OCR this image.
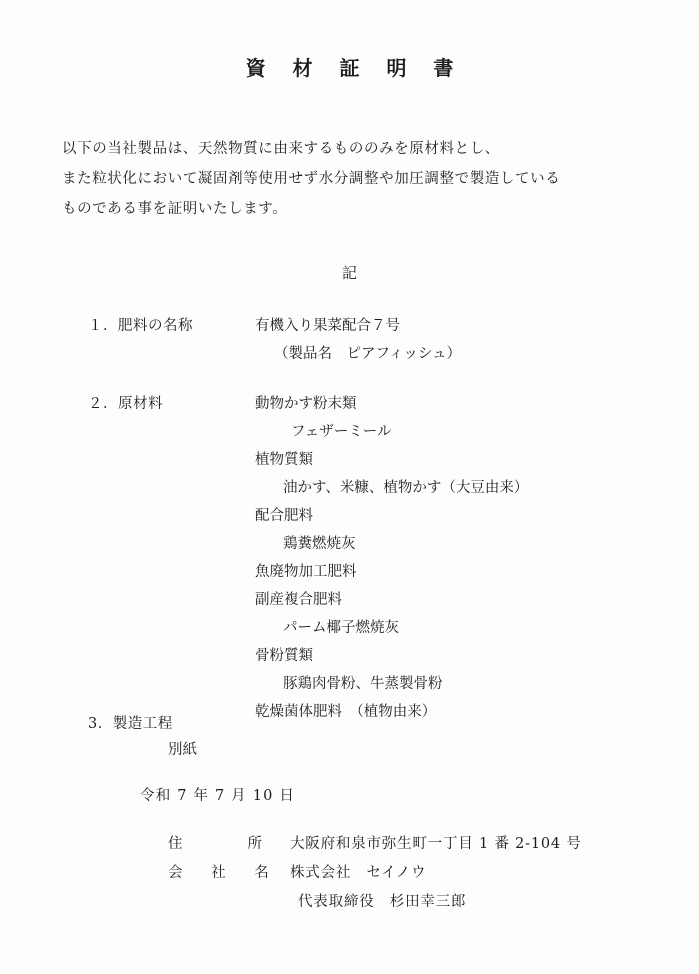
資 材 証 明 書
以下の当社製品は、天然物質に由来するもののみを原材料とし、
また粒状化において凝固剤等使用せず水分調整や加圧調整で製造している
ものである事を証明いたします。
記
１．肥料の名称	有機入り果菜配合７号
（製品名　ピアフィッシュ）
２．原材料	動物かす粉末類
フェザーミール
植物質類
油かす、米糠、植物かす（大豆由来）
配合肥料
鶏糞燃焼灰
魚廃物加工肥料
副産複合肥料
パーム椰子燃焼灰
骨粉質類
豚鶏肉骨粉、牛蒸製骨粉
乾燥菌体肥料　（植物由来）
3．製造工程
別紙
令和 7 年 7 月 10 日
住　　所 大阪府和泉市弥生町一丁目 1 番 2-104 号
会 社 名 株式会社　セイノウ
代表取締役　杉田幸三郎
